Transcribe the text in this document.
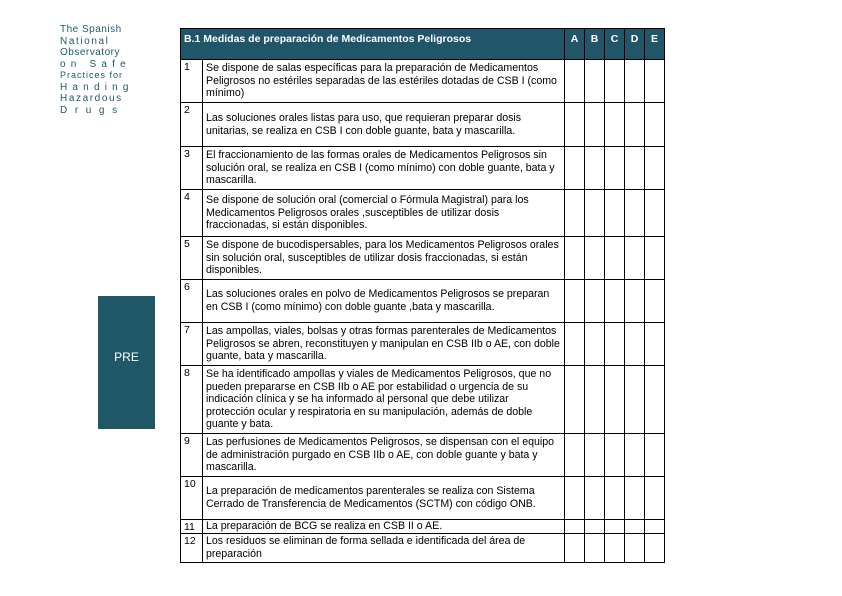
The Spanish
National
Observatory
on Safe
Practices for
Handing
Hazardous
Drugs
PRE
B.1 Medidas de preparación de Medicamentos Peligrosos		A	B	C	D	E
1	Se dispone de salas específicas para la preparación de Medicamentos Peligrosos no estériles separadas de las estériles dotadas de CSB I (como mínimo)					
2	Las soluciones orales listas para uso, que requieran preparar dosis unitarias, se realiza en CSB I con doble guante, bata y mascarilla.					
3	El fraccionamiento de las formas orales de Medicamentos Peligrosos sin solución oral, se realiza en CSB I (como mínimo) con doble guante, bata y mascarilla.					
4	Se dispone de solución oral (comercial o Fórmula Magistral) para los Medicamentos Peligrosos orales ,susceptibles de utilizar dosis fraccionadas, si están disponibles.					
5	Se dispone de bucodispersables, para los Medicamentos Peligrosos orales sin solución oral, susceptibles de utilizar dosis fraccionadas, si están disponibles.					
6	Las soluciones orales en polvo de Medicamentos Peligrosos se preparan en CSB I (como mínimo) con doble guante ,bata y mascarilla.					
7	Las ampollas, viales, bolsas y otras formas parenterales de Medicamentos Peligrosos se abren, reconstituyen y manipulan en CSB IIb o AE, con doble guante, bata y mascarilla.					
8	Se ha identificado ampollas y viales de Medicamentos Peligrosos, que no pueden prepararse en CSB IIb o AE por estabilidad o urgencia de su indicación clínica y se ha informado al personal que debe utilizar protección ocular y respiratoria en su manipulación, además de doble guante y bata.					
9	Las perfusiones de Medicamentos Peligrosos, se dispensan con el equipo de administración purgado en CSB IIb o AE, con doble guante y bata y mascarilla.					
10	La preparación de medicamentos parenterales se realiza con Sistema Cerrado de Transferencia de Medicamentos (SCTM) con código ONB.					
11	La preparación de BCG se realiza en CSB II o AE.					
12	Los residuos se eliminan de forma sellada e identificada del área de preparación					
